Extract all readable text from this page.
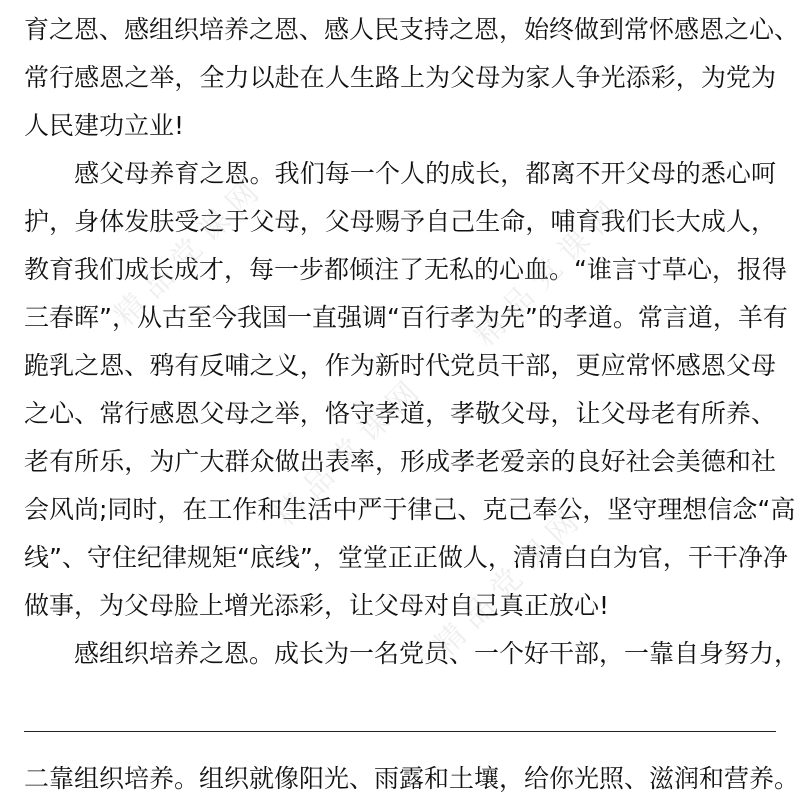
育之恩、感组织培养之恩、感人民支持之恩，始终做到常怀感恩之心、
常行感恩之举，全力以赴在人生路上为父母为家人争光添彩，为党为
人民建功立业!
　　感父母养育之恩。我们每一个人的成长，都离不开父母的悉心呵
护，身体发肤受之于父母，父母赐予自己生命，哺育我们长大成人，
教育我们成长成才，每一步都倾注了无私的心血。“谁言寸草心，报得
三春晖”，从古至今我国一直强调“百行孝为先”的孝道。常言道，羊有
跪乳之恩、鸦有反哺之义，作为新时代党员干部，更应常怀感恩父母
之心、常行感恩父母之举，恪守孝道，孝敬父母，让父母老有所养、
老有所乐，为广大群众做出表率，形成孝老爱亲的良好社会美德和社
会风尚;同时，在工作和生活中严于律己、克己奉公，坚守理想信念“高
线”、守住纪律规矩“底线”，堂堂正正做人，清清白白为官，干干净净
做事，为父母脸上增光添彩，让父母对自己真正放心!
　　感组织培养之恩。成长为一名党员、一个好干部，一靠自身努力，
二靠组织培养。组织就像阳光、雨露和土壤，给你光照、滋润和营养。
精 品 党 课 网
精 品 党 课 网
精 品 党 课 网
精 品 党 课 网
